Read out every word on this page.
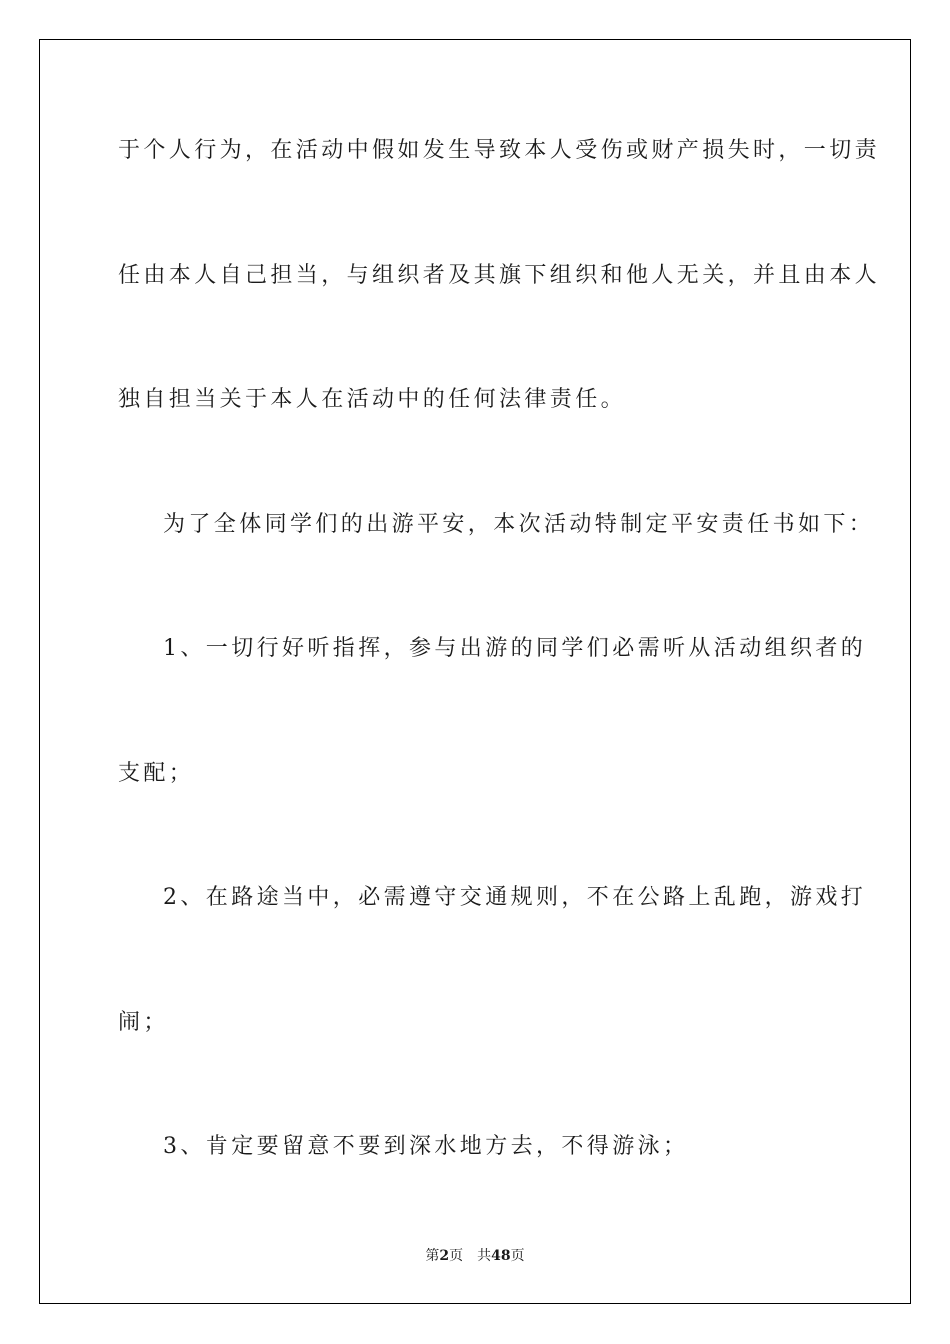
于个人行为，在活动中假如发生导致本人受伤或财产损失时，一切责
任由本人自己担当，与组织者及其旗下组织和他人无关，并且由本人
独自担当关于本人在活动中的任何法律责任。
为了全体同学们的出游平安，本次活动特制定平安责任书如下：
1、一切行好听指挥，参与出游的同学们必需听从活动组织者的
支配；
2、在路途当中，必需遵守交通规则，不在公路上乱跑，游戏打
闹；
3、肯定要留意不要到深水地方去，不得游泳；
第2页 共48页
